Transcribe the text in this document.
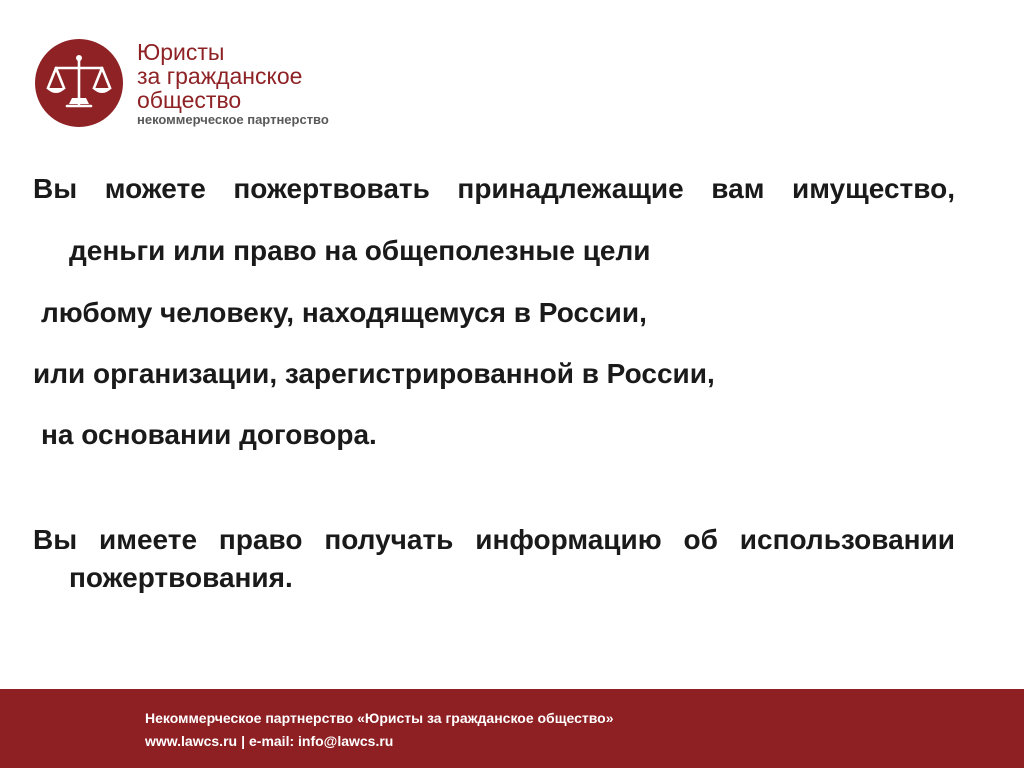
Юристы

за гражданское

общество

некоммерческое партнерство

Вы можете пожертвовать принадлежащие вам имущество, деньги или право на общеполезные цели

любому человеку, находящемуся в России,

или организации, зарегистрированной в России,

на основании договора.

Вы имеете право получать информацию об использовании пожертвования.

Некоммерческое партнерство «Юристы за гражданское общество»

www.lawcs.ru | e-mail: info@lawcs.ru
